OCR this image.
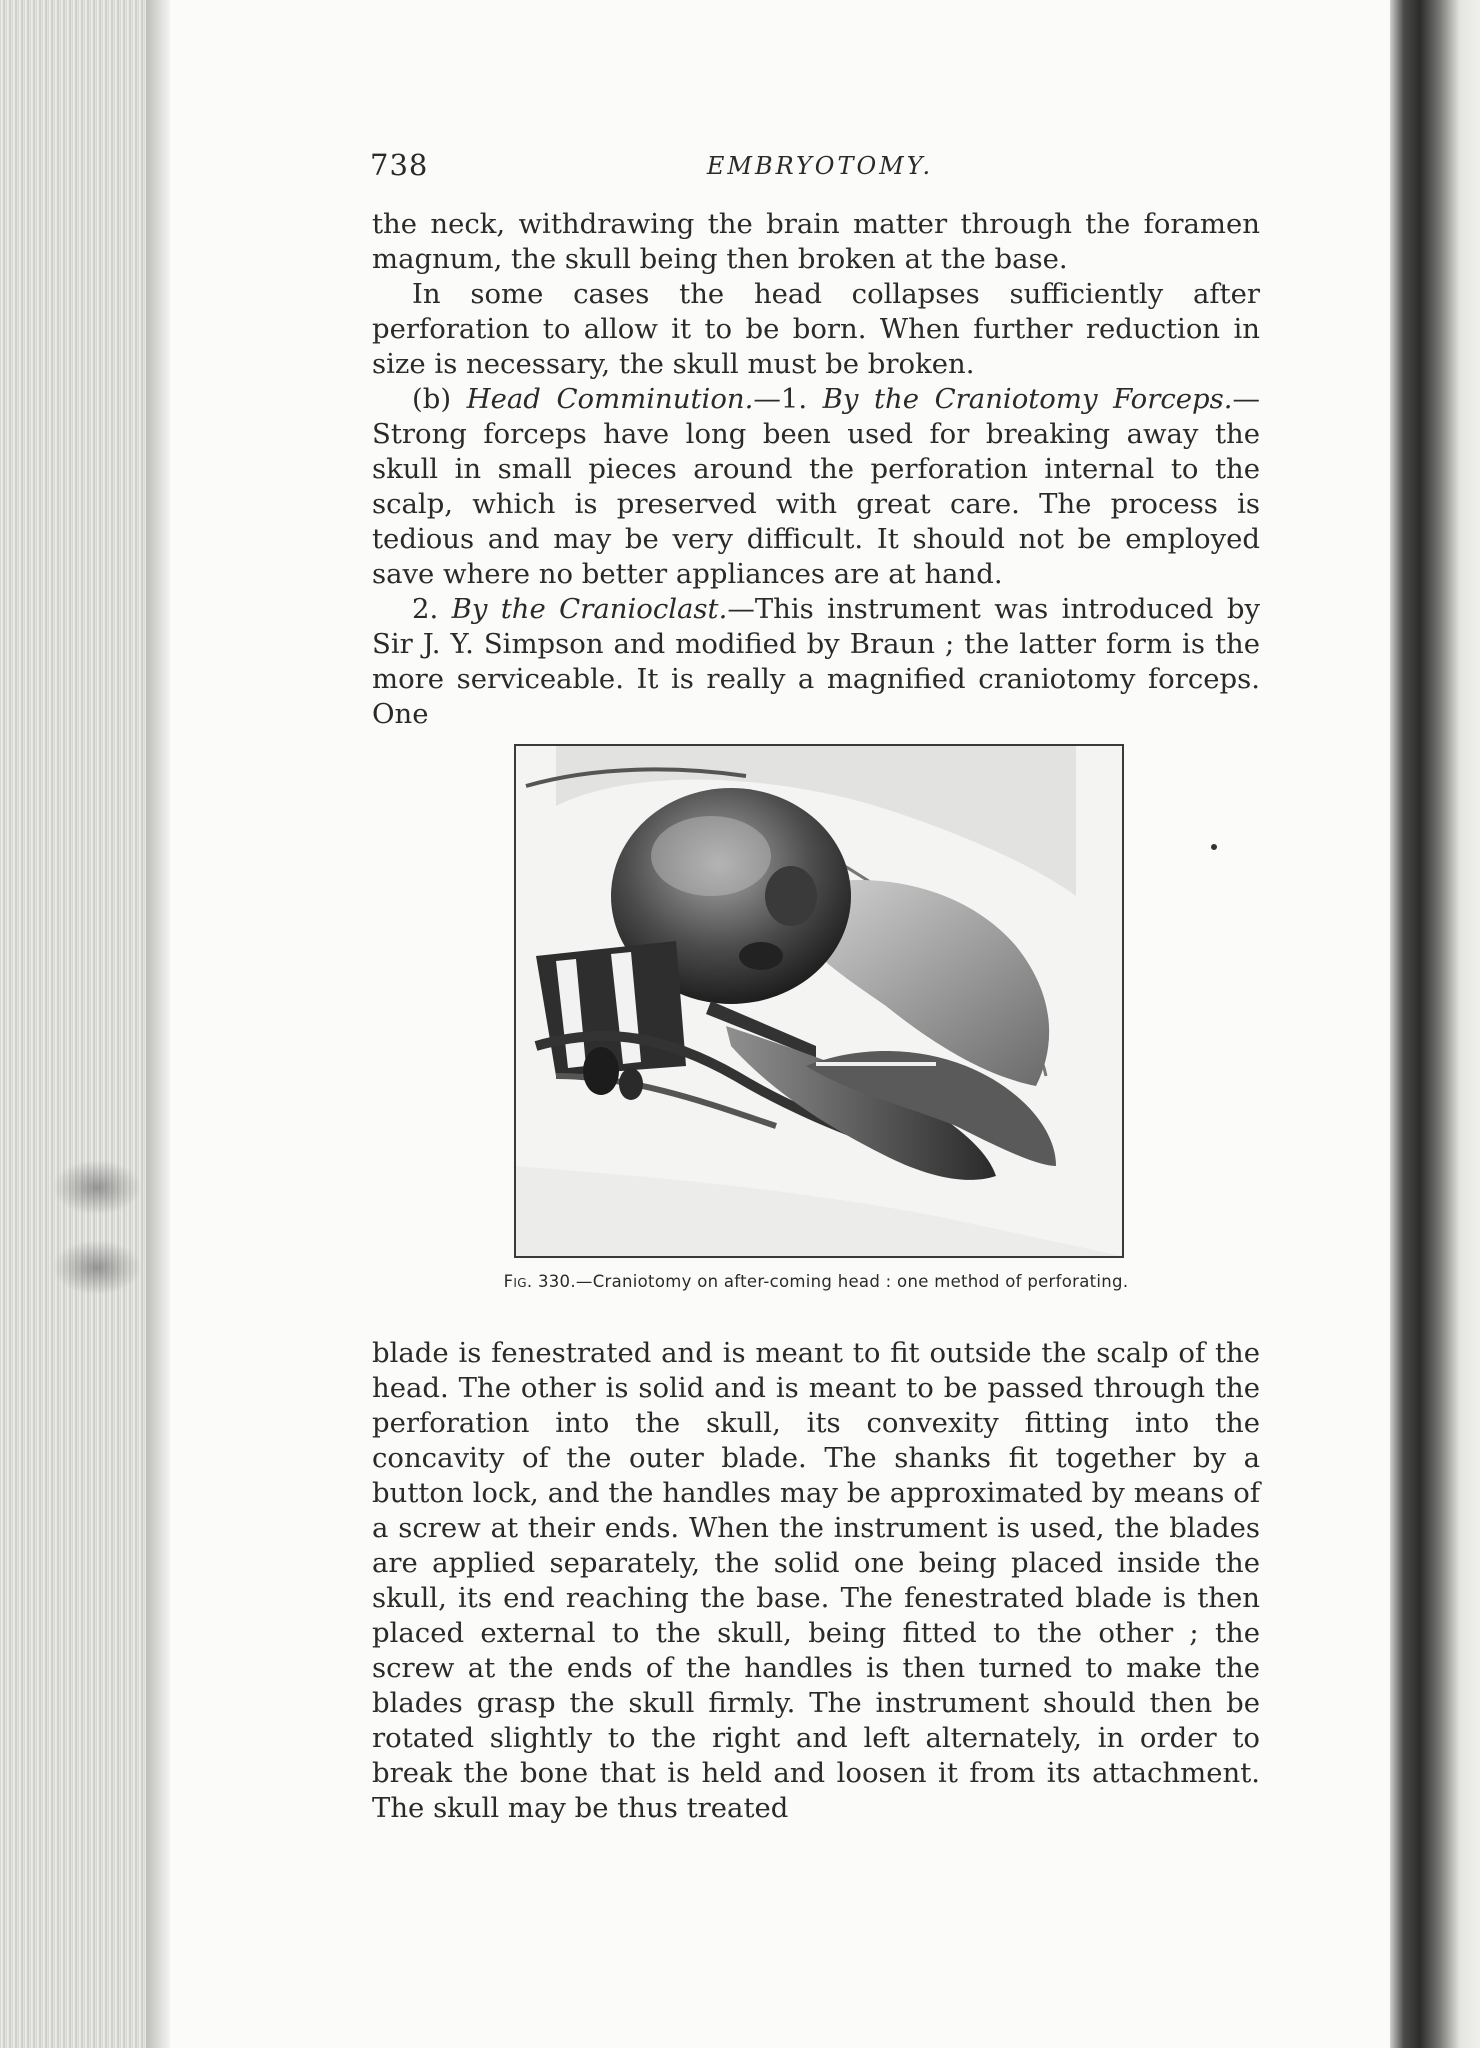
738	EMBRYOTOMY.

the neck, withdrawing the brain matter through the foramen magnum, the skull being then broken at the base.

In some cases the head collapses sufficiently after perforation to allow it to be born. When further reduction in size is necessary, the skull must be broken.

(b) Head Comminution.—1. By the Craniotomy Forceps.—Strong forceps have long been used for breaking away the skull in small pieces around the perforation internal to the scalp, which is preserved with great care. The process is tedious and may be very difficult. It should not be employed save where no better appliances are at hand.

2. By the Cranioclast.—This instrument was introduced by Sir J. Y. Simpson and modified by Braun ; the latter form is the more serviceable. It is really a magnified craniotomy forceps. One

Fig. 330.—Craniotomy on after-coming head : one method of perforating.

blade is fenestrated and is meant to fit outside the scalp of the head. The other is solid and is meant to be passed through the perforation into the skull, its convexity fitting into the concavity of the outer blade. The shanks fit together by a button lock, and the handles may be approximated by means of a screw at their ends. When the instrument is used, the blades are applied separately, the solid one being placed inside the skull, its end reaching the base. The fenestrated blade is then placed external to the skull, being fitted to the other ; the screw at the ends of the handles is then turned to make the blades grasp the skull firmly. The instrument should then be rotated slightly to the right and left alternately, in order to break the bone that is held and loosen it from its attachment. The skull may be thus treated
